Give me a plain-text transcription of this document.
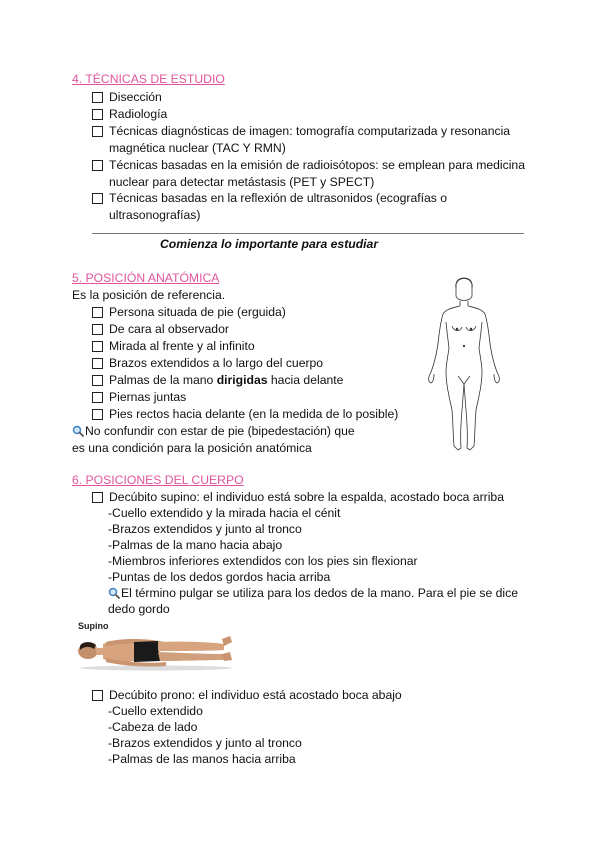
4. TÉCNICAS DE ESTUDIO
Disección
Radiología
Técnicas diagnósticas de imagen: tomografía computarizada y resonancia
magnética nuclear (TAC Y RMN)
Técnicas basadas en la emisión de radioisótopos: se emplean para medicina
nuclear para detectar metástasis (PET y SPECT)
Técnicas basadas en la reflexión de ultrasonidos (ecografías o
ultrasonografías)
Comienza lo importante para estudiar
5. POSICIÓN ANATÓMICA
Es la posición de referencia.
Persona situada de pie (erguida)
De cara al observador
Mirada al frente y al infinito
Brazos extendidos a lo largo del cuerpo
Palmas de la mano dirigidas hacia delante
Piernas juntas
Pies rectos hacia delante (en la medida de lo posible)
No confundir con estar de pie (bipedestación) que
es una condición para la posición anatómica
6. POSICIONES DEL CUERPO
Decúbito supino: el individuo está sobre la espalda, acostado boca arriba
-Cuello extendido y la mirada hacia el cénit
-Brazos extendidos y junto al tronco
-Palmas de la mano hacia abajo
-Miembros inferiores extendidos con los pies sin flexionar
-Puntas de los dedos gordos hacia arriba
El término pulgar se utiliza para los dedos de la mano. Para el pie se dice
dedo gordo
Supino
Decúbito prono: el individuo está acostado boca abajo
-Cuello extendido
-Cabeza de lado
-Brazos extendidos y junto al tronco
-Palmas de las manos hacia arriba
